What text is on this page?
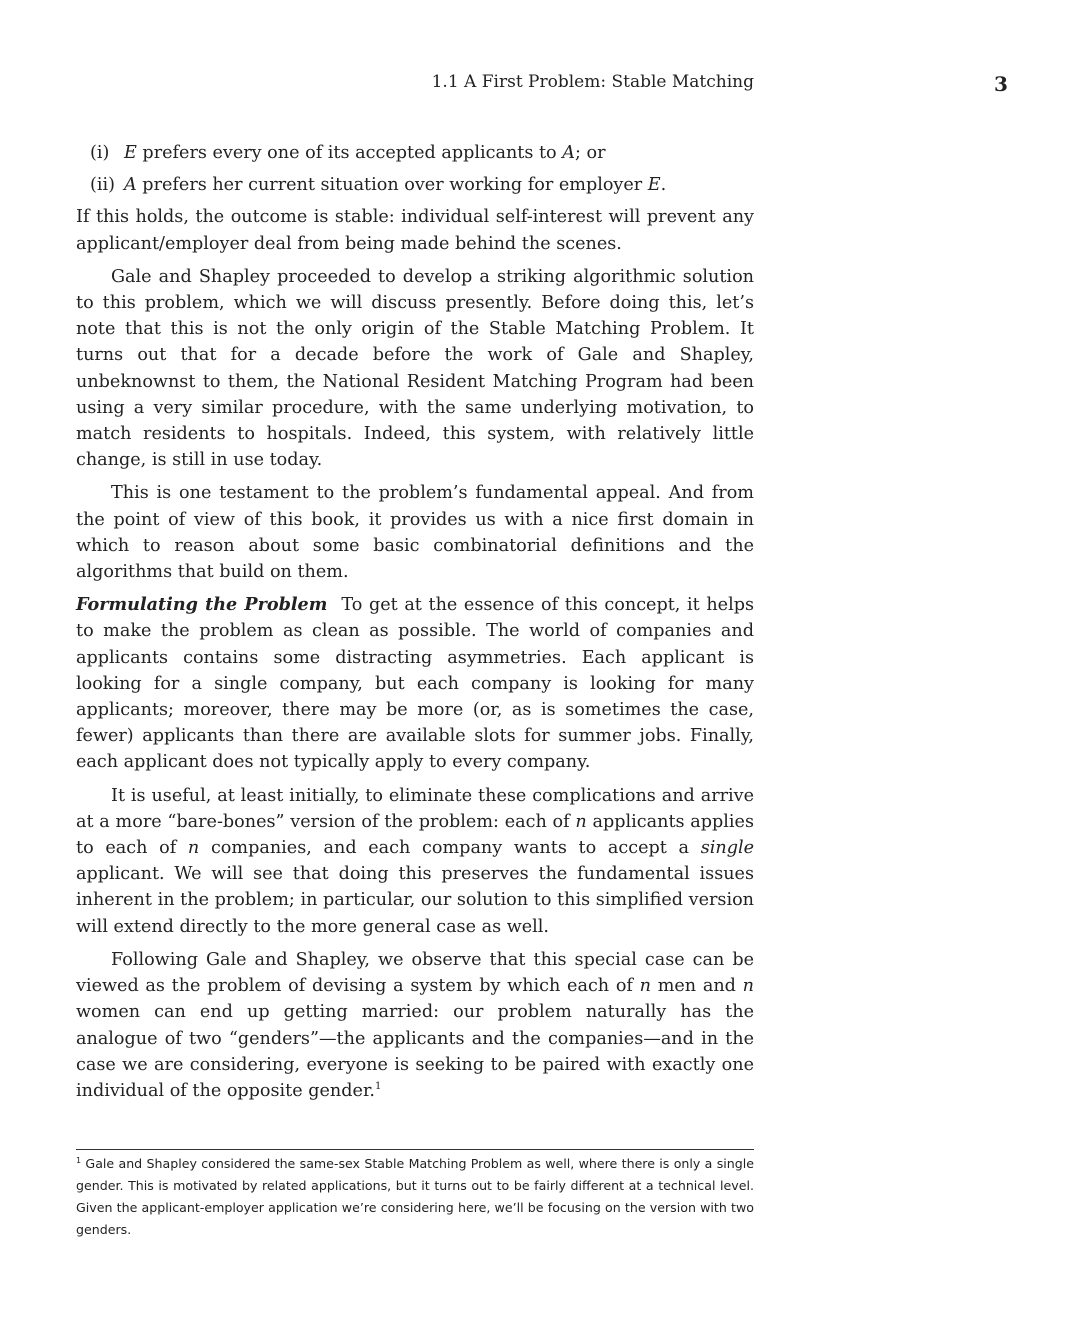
1.1 A First Problem: Stable Matching	3
(i) E prefers every one of its accepted applicants to A; or
(ii) A prefers her current situation over working for employer E.

If this holds, the outcome is stable: individual self-interest will prevent any applicant/employer deal from being made behind the scenes.

Gale and Shapley proceeded to develop a striking algorithmic solution to this problem, which we will discuss presently. Before doing this, let’s note that this is not the only origin of the Stable Matching Problem. It turns out that for a decade before the work of Gale and Shapley, unbeknownst to them, the National Resident Matching Program had been using a very similar procedure, with the same underlying motivation, to match residents to hospitals. Indeed, this system, with relatively little change, is still in use today.

This is one testament to the problem’s fundamental appeal. And from the point of view of this book, it provides us with a nice first domain in which to reason about some basic combinatorial definitions and the algorithms that build on them.

Formulating the Problem To get at the essence of this concept, it helps to make the problem as clean as possible. The world of companies and applicants contains some distracting asymmetries. Each applicant is looking for a single company, but each company is looking for many applicants; moreover, there may be more (or, as is sometimes the case, fewer) applicants than there are available slots for summer jobs. Finally, each applicant does not typically apply to every company.

It is useful, at least initially, to eliminate these complications and arrive at a more “bare-bones” version of the problem: each of n applicants applies to each of n companies, and each company wants to accept a single applicant. We will see that doing this preserves the fundamental issues inherent in the problem; in particular, our solution to this simplified version will extend directly to the more general case as well.

Following Gale and Shapley, we observe that this special case can be viewed as the problem of devising a system by which each of n men and n women can end up getting married: our problem naturally has the analogue of two “genders”—the applicants and the companies—and in the case we are considering, everyone is seeking to be paired with exactly one individual of the opposite gender.$^1$

$^1$ Gale and Shapley considered the same-sex Stable Matching Problem as well, where there is only a single gender. This is motivated by related applications, but it turns out to be fairly different at a technical level. Given the applicant-employer application we’re considering here, we’ll be focusing on the version with two genders.
